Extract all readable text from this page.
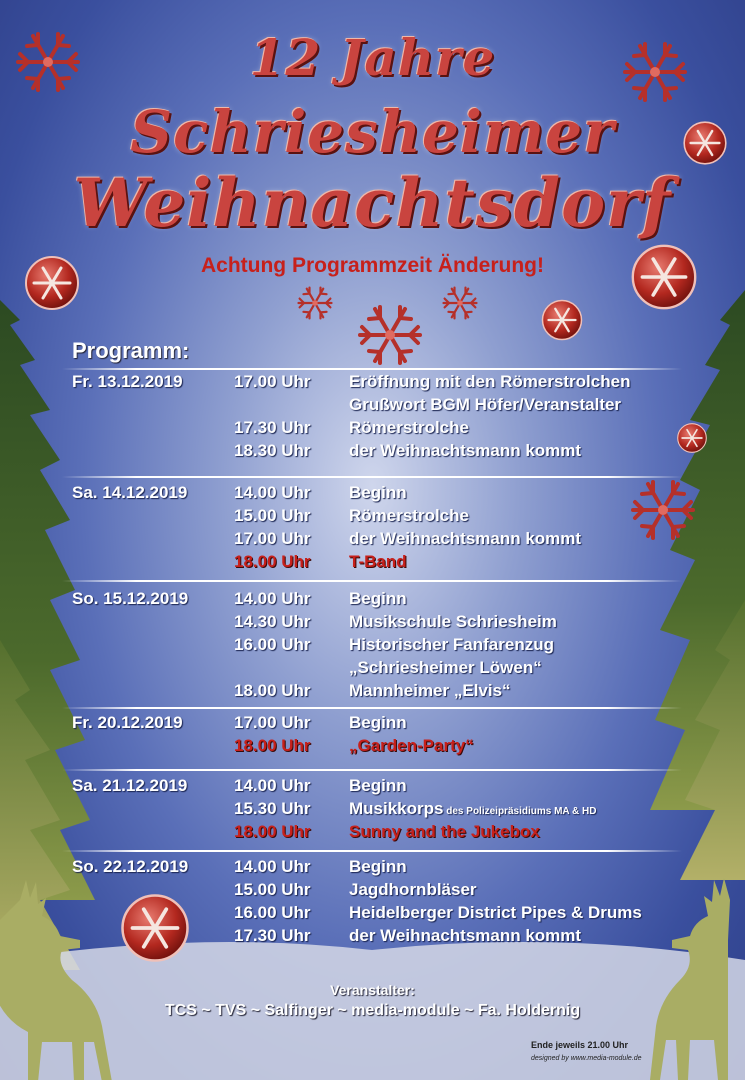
12 Jahre
Schriesheimer
Weihnachtsdorf
Achtung Programmzeit Änderung!
Programm:
Fr. 13.12.2019	17.00 Uhr Eröffnung mit den Römerstrolchen
Grußwort BGM Höfer/Veranstalter
17.30 Uhr Römerstrolche
18.30 Uhr der Weihnachtsmann kommt
Sa. 14.12.2019	14.00 Uhr Beginn
15.00 Uhr Römerstrolche
17.00 Uhr der Weihnachtsmann kommt
18.00 Uhr T-Band
So. 15.12.2019	14.00 Uhr Beginn
14.30 Uhr Musikschule Schriesheim
16.00 Uhr Historischer Fanfarenzug
„Schriesheimer Löwen“
18.00 Uhr Mannheimer „Elvis“
Fr. 20.12.2019	17.00 Uhr Beginn
18.00 Uhr „Garden-Party“
Sa. 21.12.2019	14.00 Uhr Beginn
15.30 Uhr Musikkorps des Polizeipräsidiums MA & HD
18.00 Uhr Sunny and the Jukebox
So. 22.12.2019	14.00 Uhr Beginn
15.00 Uhr Jagdhornbläser
16.00 Uhr Heidelberger District Pipes & Drums
17.30 Uhr der Weihnachtsmann kommt
Veranstalter:
TCS ~ TVS ~ Salfinger ~ media-module ~ Fa. Holdernig
Ende jeweils 21.00 Uhr
designed by www.media-module.de
